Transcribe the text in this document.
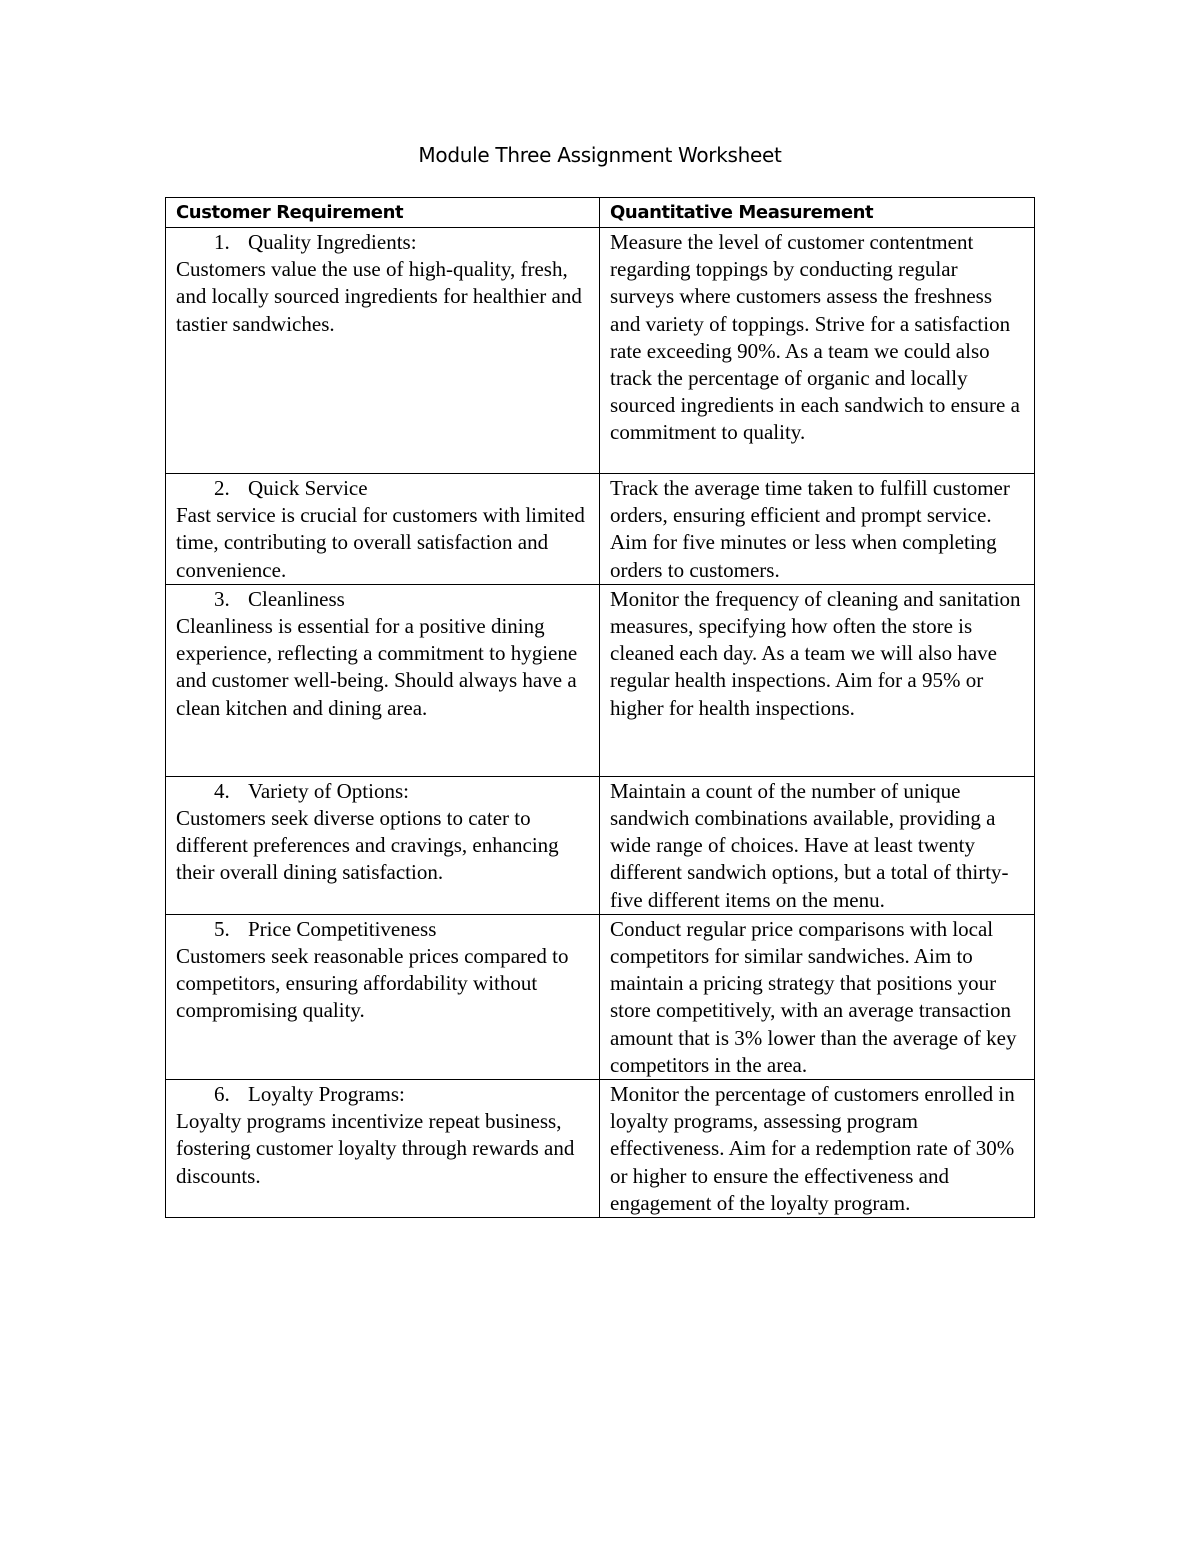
Module Three Assignment Worksheet
Customer Requirement	Quantitative Measurement

1. Quality Ingredients:
Customers value the use of high-quality, fresh, and locally sourced ingredients for healthier and tastier sandwiches.	Measure the level of customer contentment regarding toppings by conducting regular surveys where customers assess the freshness and variety of toppings. Strive for a satisfaction rate exceeding 90%. As a team we could also track the percentage of organic and locally sourced ingredients in each sandwich to ensure a commitment to quality.

2. Quick Service
Fast service is crucial for customers with limited time, contributing to overall satisfaction and convenience.	Track the average time taken to fulfill customer orders, ensuring efficient and prompt service. Aim for five minutes or less when completing orders to customers.

3. Cleanliness
Cleanliness is essential for a positive dining experience, reflecting a commitment to hygiene and customer well-being. Should always have a clean kitchen and dining area.	Monitor the frequency of cleaning and sanitation measures, specifying how often the store is cleaned each day. As a team we will also have regular health inspections. Aim for a 95% or higher for health inspections.

4. Variety of Options:
Customers seek diverse options to cater to different preferences and cravings, enhancing their overall dining satisfaction.	Maintain a count of the number of unique sandwich combinations available, providing a wide range of choices. Have at least twenty different sandwich options, but a total of thirty-five different items on the menu.

5. Price Competitiveness
Customers seek reasonable prices compared to competitors, ensuring affordability without compromising quality.	Conduct regular price comparisons with local competitors for similar sandwiches. Aim to maintain a pricing strategy that positions your store competitively, with an average transaction amount that is 3% lower than the average of key competitors in the area.

6. Loyalty Programs:
Loyalty programs incentivize repeat business, fostering customer loyalty through rewards and discounts.	Monitor the percentage of customers enrolled in loyalty programs, assessing program effectiveness. Aim for a redemption rate of 30% or higher to ensure the effectiveness and engagement of the loyalty program.
